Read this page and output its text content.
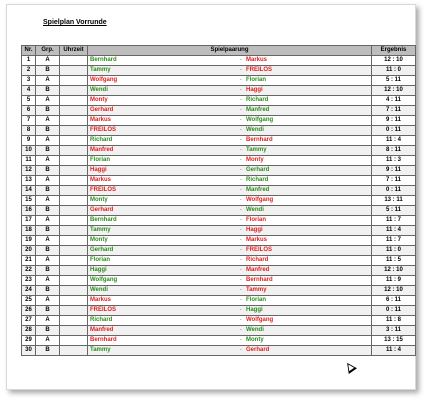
Spielplan Vorrunde
Nr.	Grp.	Uhrzeit	Spielpaarung	Ergebnis
1	A		Bernhard - Markus	12 : 10
2	B		Tammy - FREILOS	11 : 0
3	A		Wolfgang - Florian	5 : 11
4	B		Wendi - Haggi	12 : 10
5	A		Monty - Richard	4 : 11
6	B		Gerhard - Manfred	7 : 11
7	A		Markus - Wolfgang	9 : 11
8	B		FREILOS - Wendi	0 : 11
9	A		Richard - Bernhard	11 : 4
10	B		Manfred - Tammy	8 : 11
11	A		Florian - Monty	11 : 3
12	B		Haggi - Gerhard	9 : 11
13	A		Markus - Richard	7 : 11
14	B		FREILOS - Manfred	0 : 11
15	A		Monty - Wolfgang	13 : 11
16	B		Gerhard - Wendi	5 : 11
17	A		Bernhard - Florian	11 : 7
18	B		Tammy - Haggi	11 : 4
19	A		Monty - Markus	11 : 7
20	B		Gerhard - FREILOS	11 : 0
21	A		Florian - Richard	11 : 5
22	B		Haggi - Manfred	12 : 10
23	A		Wolfgang - Bernhard	11 : 9
24	B		Wendi - Tammy	12 : 10
25	A		Markus - Florian	6 : 11
26	B		FREILOS - Haggi	0 : 11
27	A		Richard - Wolfgang	11 : 8
28	B		Manfred - Wendi	3 : 11
29	A		Bernhard - Monty	13 : 15
30	B		Tammy - Gerhard	11 : 4
